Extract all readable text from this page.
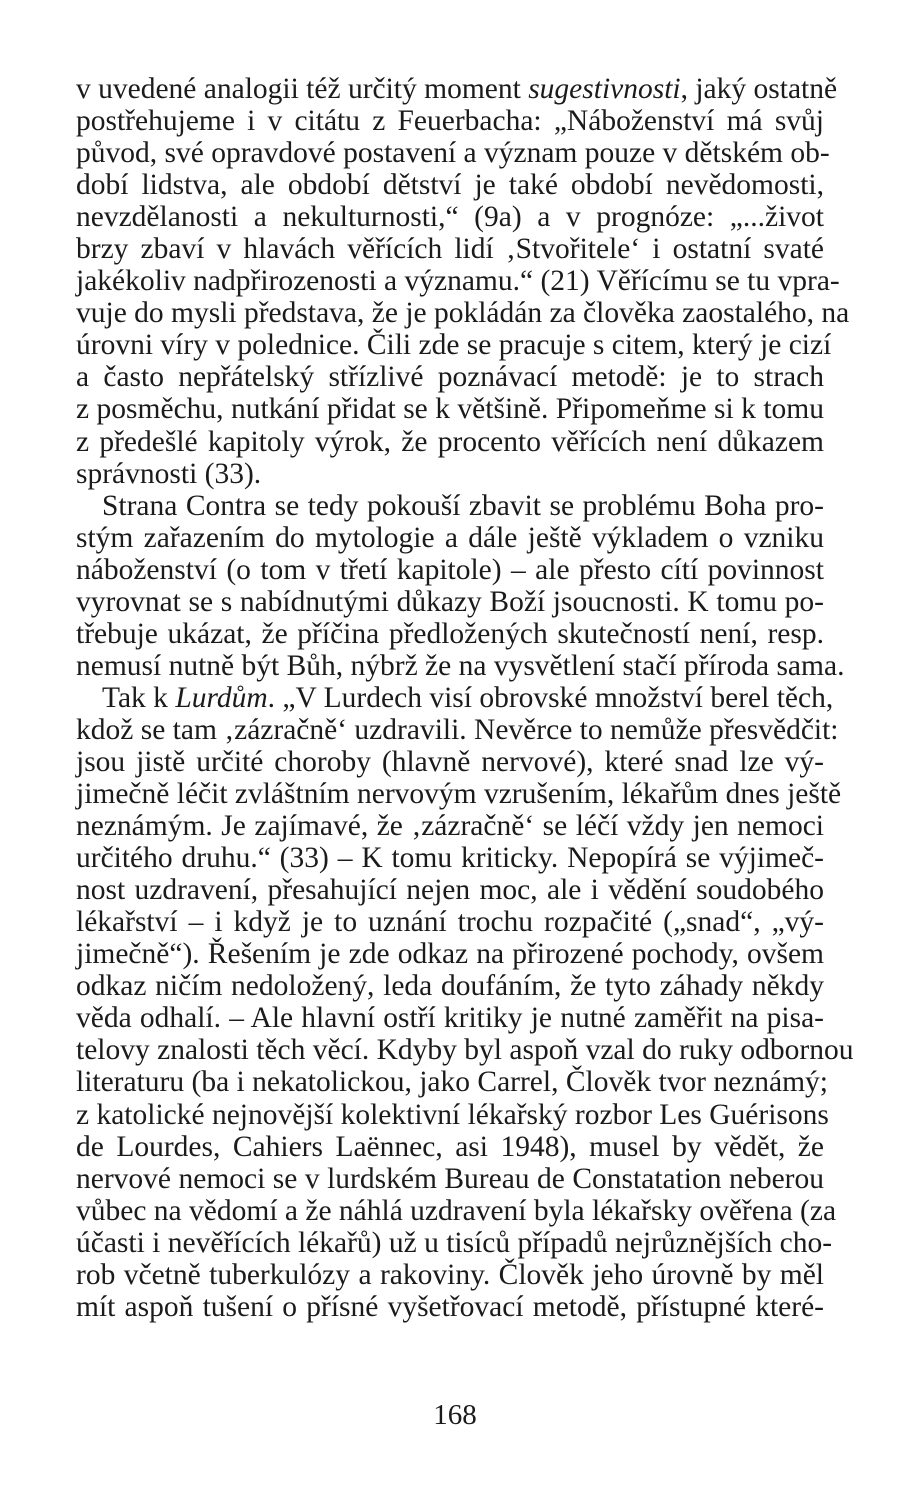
v uvedené analogii též určitý moment sugestivnosti, jaký ostatně
postřehujeme i v citátu z Feuerbacha: „Náboženství má svůj
původ, své opravdové postavení a význam pouze v dětském ob-
dobí lidstva, ale období dětství je také období nevědomosti,
nevzdělanosti a nekulturnosti,“ (9a) a v prognóze: „...život
brzy zbaví v hlavách věřících lidí ‚Stvořitele‘ i ostatní svaté
jakékoliv nadpřirozenosti a významu.“ (21) Věřícímu se tu vpra-
vuje do mysli představa, že je pokládán za člověka zaostalého, na
úrovni víry v polednice. Čili zde se pracuje s citem, který je cizí
a často nepřátelský střízlivé poznávací metodě: je to strach
z posměchu, nutkání přidat se k většině. Připomeňme si k tomu
z předešlé kapitoly výrok, že procento věřících není důkazem
správnosti (33).
Strana Contra se tedy pokouší zbavit se problému Boha pro-
stým zařazením do mytologie a dále ještě výkladem o vzniku
náboženství (o tom v třetí kapitole) – ale přesto cítí povinnost
vyrovnat se s nabídnutými důkazy Boží jsoucnosti. K tomu po-
třebuje ukázat, že příčina předložených skutečností není, resp.
nemusí nutně být Bůh, nýbrž že na vysvětlení stačí příroda sama.
Tak k Lurdům. „V Lurdech visí obrovské množství berel těch,
kdož se tam ‚zázračně‘ uzdravili. Nevěrce to nemůže přesvědčit:
jsou jistě určité choroby (hlavně nervové), které snad lze vý-
jimečně léčit zvláštním nervovým vzrušením, lékařům dnes ještě
neznámým. Je zajímavé, že ‚zázračně‘ se léčí vždy jen nemoci
určitého druhu.“ (33) – K tomu kriticky. Nepopírá se výjimeč-
nost uzdravení, přesahující nejen moc, ale i vědění soudobého
lékařství – i když je to uznání trochu rozpačité („snad“, „vý-
jimečně“). Řešením je zde odkaz na přirozené pochody, ovšem
odkaz ničím nedoložený, leda doufáním, že tyto záhady někdy
věda odhalí. – Ale hlavní ostří kritiky je nutné zaměřit na pisa-
telovy znalosti těch věcí. Kdyby byl aspoň vzal do ruky odbornou
literaturu (ba i nekatolickou, jako Carrel, Člověk tvor neznámý;
z katolické nejnovější kolektivní lékařský rozbor Les Guérisons
de Lourdes, Cahiers Laënnec, asi 1948), musel by vědět, že
nervové nemoci se v lurdském Bureau de Constatation neberou
vůbec na vědomí a že náhlá uzdravení byla lékařsky ověřena (za
účasti i nevěřících lékařů) už u tisíců případů nejrůznějších cho-
rob včetně tuberkulózy a rakoviny. Člověk jeho úrovně by měl
mít aspoň tušení o přísné vyšetřovací metodě, přístupné které-
168
